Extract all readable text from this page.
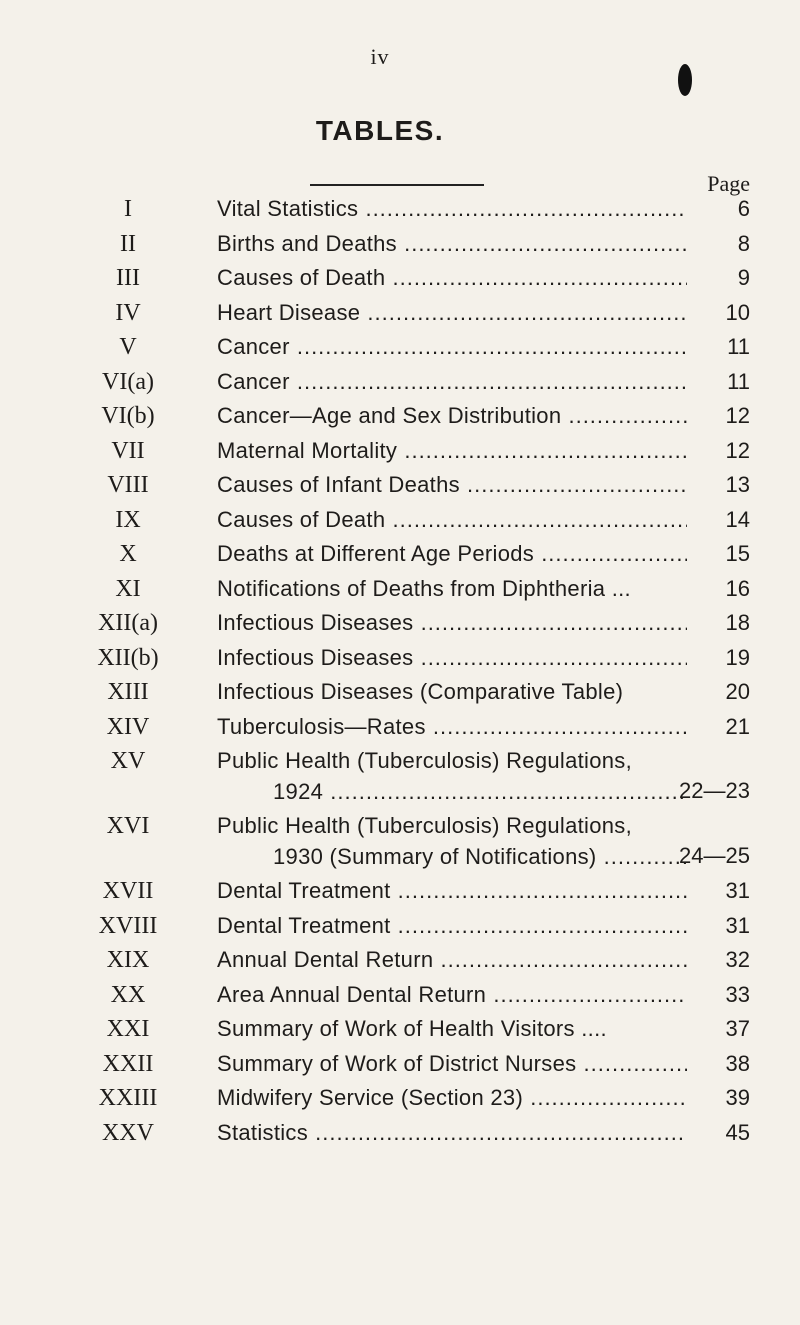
iv
TABLES.
Page
I	Vital Statistics .....	6
II	Births and Deaths .....	8
III	Causes of Death .....	9
IV	Heart Disease .....	10
V	Cancer .....	11
VI(a)	Cancer .....	11
VI(b)	Cancer—Age and Sex Distribution .....	12
VII	Maternal Mortality .....	12
VIII	Causes of Infant Deaths .....	13
IX	Causes of Death .....	14
X	Deaths at Different Age Periods .....	15
XI	Notifications of Deaths from Diphtheria ...	16
XII(a)	Infectious Diseases .....	18
XII(b)	Infectious Diseases .....	19
XIII	Infectious Diseases (Comparative Table)	20
XIV	Tuberculosis—Rates .....	21
XV	Public Health (Tuberculosis) Regulations,
1924 .....	22—23
XVI	Public Health (Tuberculosis) Regulations,
1930 (Summary of Notifications) .....	24—25
XVII	Dental Treatment .....	31
XVIII	Dental Treatment .....	31
XIX	Annual Dental Return .....	32
XX	Area Annual Dental Return .....	33
XXI	Summary of Work of Health Visitors ....	37
XXII	Summary of Work of District Nurses .....	38
XXIII	Midwifery Service (Section 23) .....	39
XXV	Statistics .....	45
